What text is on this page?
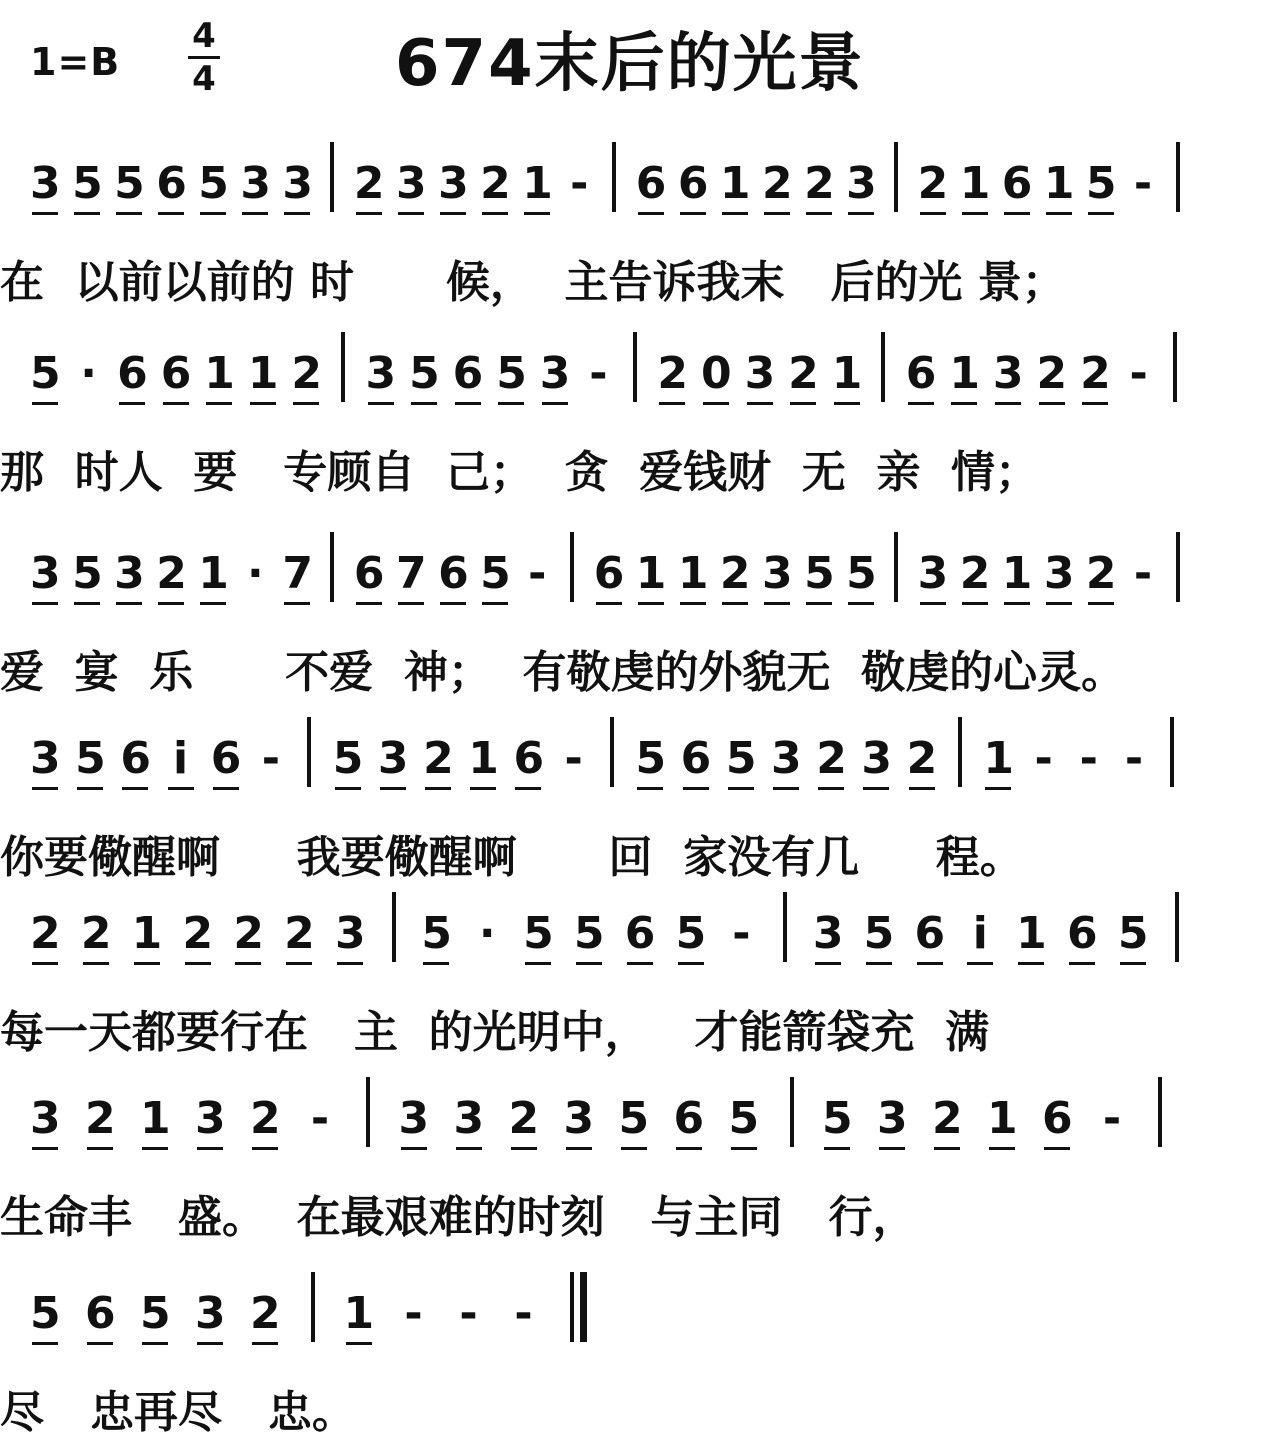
1=B
4
4	674末后的光景
3 5 5 6 5 3 3 2 3 3 2 1 - 6 6 1 2 2 3 2 1 6 1 5 -
在  以前以前的 时      候，  主告诉我末   后的光 景；
5 · 6 6 1 1 2 3 5 6 5 3 - 2 0 3 2 1 6 1 3 2 2 -
那  时人  要   专顾自  己；  贪  爱钱财  无  亲  情；
3 5 3 2 1 · 7 6 7 6 5 - 6 1 1 2 3 5 5 3 2 1 3 2 -
爱  宴  乐      不爱  神；  有敬虔的外貌无  敬虔的心灵。
3 5 6 i 6 - 5 3 2 1 6 - 5 6 5 3 2 3 2 1 - - -
你要儆醒啊     我要儆醒啊      回  家没有几     程。
2 2 1 2 2 2 3 5 · 5 5 6 5 - 3 5 6 i 1 6 5
每一天都要行在   主  的光明中，   才能箭袋充  满
3 2 1 3 2 - 3 3 2 3 5 6 5 5 3 2 1 6 -
生命丰   盛。  在最艰难的时刻   与主同   行，
5 6 5 3 2 1 - - -
尽   忠再尽   忠。
